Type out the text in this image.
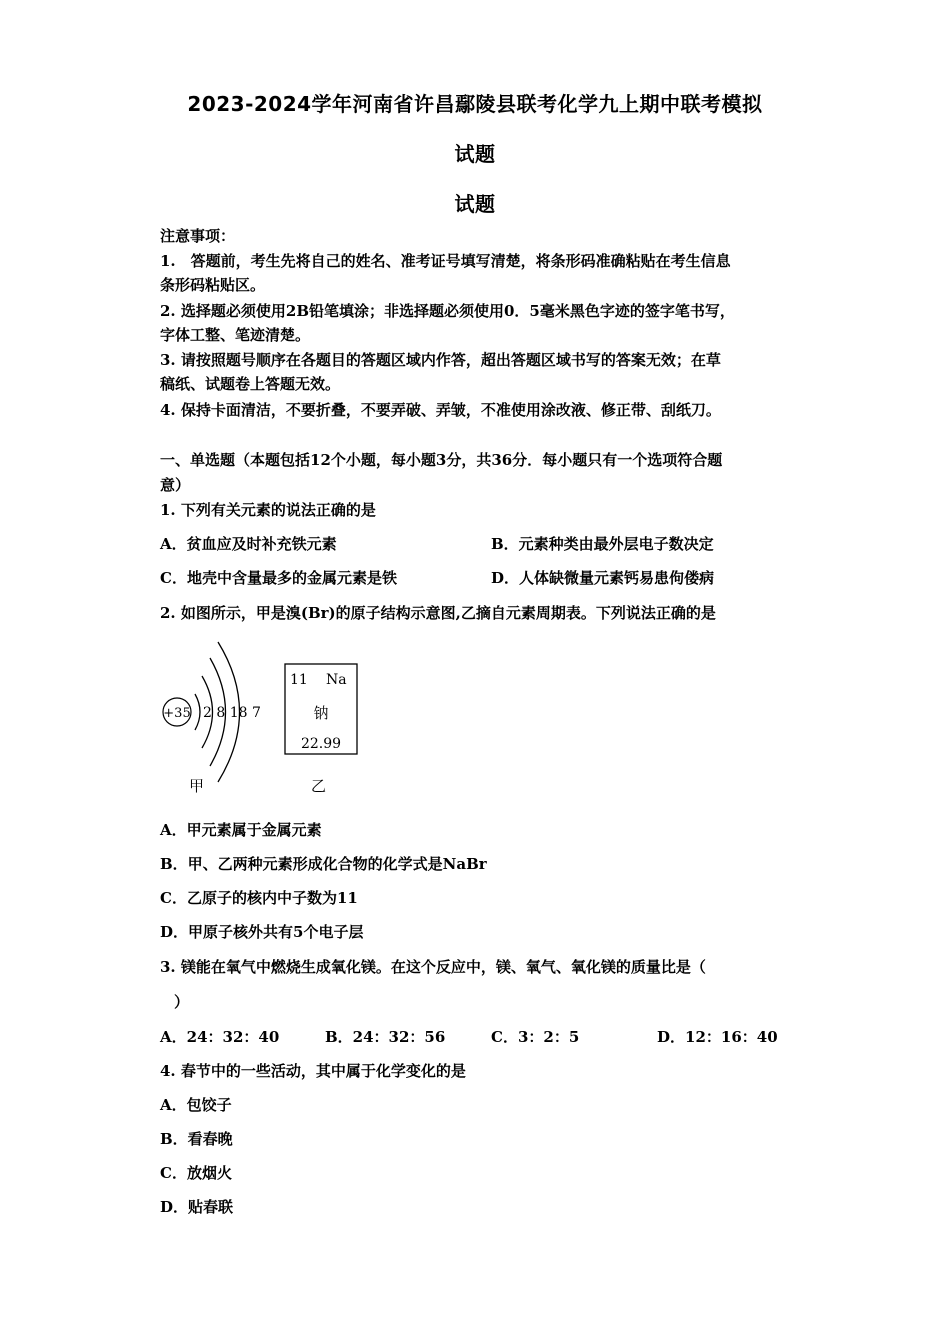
2023-2024学年河南省许昌鄢陵县联考化学九上期中联考模拟
试题
试题
注意事项：
1.　答题前，考生先将自己的姓名、准考证号填写清楚，将条形码准确粘贴在考生信息
条形码粘贴区。
2. 选择题必须使用2B铅笔填涂；非选择题必须使用0．5毫米黑色字迹的签字笔书写，
字体工整、笔迹清楚。
3. 请按照题号顺序在各题目的答题区域内作答，超出答题区域书写的答案无效；在草
稿纸、试题卷上答题无效。
4. 保持卡面清洁，不要折叠，不要弄破、弄皱，不准使用涂改液、修正带、刮纸刀。
一、单选题（本题包括12个小题，每小题3分，共36分．每小题只有一个选项符合题
意）
1. 下列有关元素的说法正确的是
A．贫血应及时补充铁元素	B．元素种类由最外层电子数决定
C．地壳中含量最多的金属元素是铁	D．人体缺微量元素钙易患佝偻病
2. 如图所示，甲是溴(Br)的原子结构示意图,乙摘自元素周期表。下列说法正确的是
+35 2 8 18 7
甲
11 Na
钠
22.99
乙
A．甲元素属于金属元素
B．甲、乙两种元素形成化合物的化学式是NaBr
C．乙原子的核内中子数为11
D．甲原子核外共有5个电子层
3. 镁能在氧气中燃烧生成氧化镁。在这个反应中，镁、氧气、氧化镁的质量比是（
）
A．24：32：40	B．24：32：56	C．3：2：5	D．12：16：40
4. 春节中的一些活动，其中属于化学变化的是
A．包饺子
B．看春晚
C．放烟火
D．贴春联
